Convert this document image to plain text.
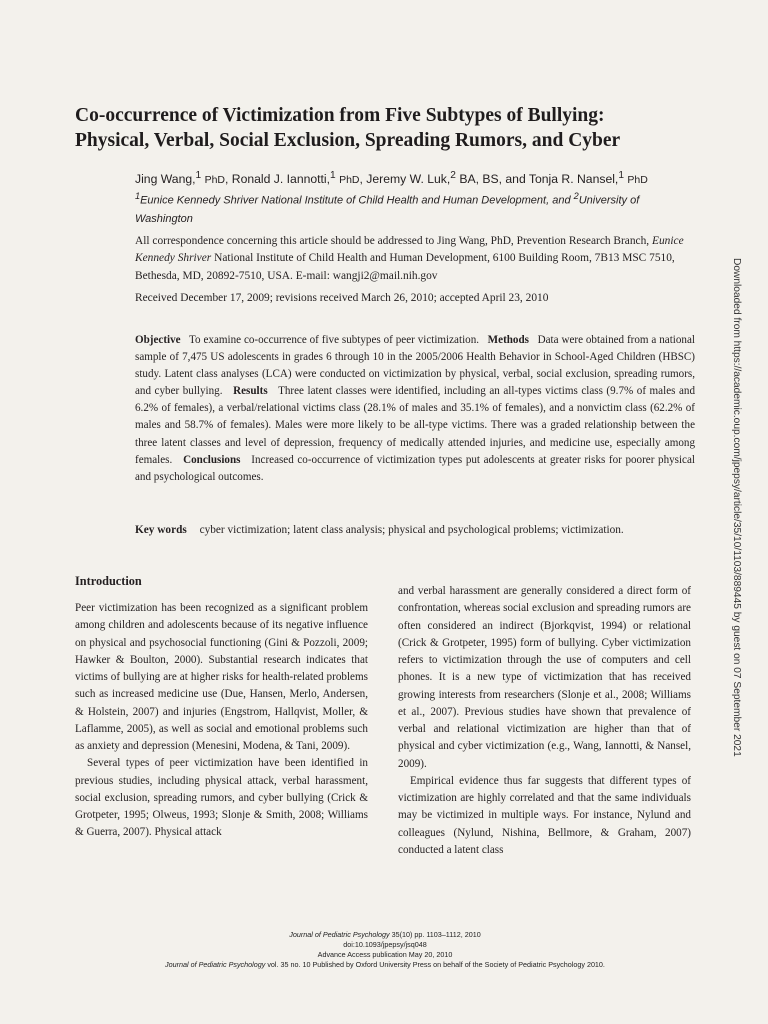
Co-occurrence of Victimization from Five Subtypes of Bullying:
Physical, Verbal, Social Exclusion, Spreading Rumors, and Cyber
Jing Wang,$^1$ PhD, Ronald J. Iannotti,$^1$ PhD, Jeremy W. Luk,$^2$ BA, BS, and Tonja R. Nansel,$^1$ PhD
$^1$Eunice Kennedy Shriver National Institute of Child Health and Human Development, and $^2$University of Washington
All correspondence concerning this article should be addressed to Jing Wang, PhD, Prevention Research Branch, Eunice Kennedy Shriver National Institute of Child Health and Human Development, 6100 Building Room, 7B13 MSC 7510, Bethesda, MD, 20892-7510, USA. E-mail: wangji2@mail.nih.gov
Received December 17, 2009; revisions received March 26, 2010; accepted April 23, 2010
Objective To examine co-occurrence of five subtypes of peer victimization. Methods Data were obtained from a national sample of 7,475 US adolescents in grades 6 through 10 in the 2005/2006 Health Behavior in School-Aged Children (HBSC) study. Latent class analyses (LCA) were conducted on victimization by physical, verbal, social exclusion, spreading rumors, and cyber bullying. Results Three latent classes were identified, including an all-types victims class (9.7% of males and 6.2% of females), a verbal/relational victims class (28.1% of males and 35.1% of females), and a nonvictim class (62.2% of males and 58.7% of females). Males were more likely to be all-type victims. There was a graded relationship between the three latent classes and level of depression, frequency of medically attended injuries, and medicine use, especially among females. Conclusions Increased co-occurrence of victimization types put adolescents at greater risks for poorer physical and psychological outcomes.
Key words cyber victimization; latent class analysis; physical and psychological problems; victimization.
Introduction

Peer victimization has been recognized as a significant problem among children and adolescents because of its negative influence on physical and psychosocial functioning (Gini & Pozzoli, 2009; Hawker & Boulton, 2000). Substantial research indicates that victims of bullying are at higher risks for health-related problems such as increased medicine use (Due, Hansen, Merlo, Andersen, & Holstein, 2007) and injuries (Engstrom, Hallqvist, Moller, & Laflamme, 2005), as well as social and emotional problems such as anxiety and depression (Menesini, Modena, & Tani, 2009).

Several types of peer victimization have been identified in previous studies, including physical attack, verbal harassment, social exclusion, spreading rumors, and cyber bullying (Crick & Grotpeter, 1995; Olweus, 1993; Slonje & Smith, 2008; Williams & Guerra, 2007). Physical attack

and verbal harassment are generally considered a direct form of confrontation, whereas social exclusion and spreading rumors are often considered an indirect (Bjorkqvist, 1994) or relational (Crick & Grotpeter, 1995) form of bullying. Cyber victimization refers to victimization through the use of computers and cell phones. It is a new type of victimization that has received growing interests from researchers (Slonje et al., 2008; Williams et al., 2007). Previous studies have shown that prevalence of verbal and relational victimization are higher than that of physical and cyber victimization (e.g., Wang, Iannotti, & Nansel, 2009).

Empirical evidence thus far suggests that different types of victimization are highly correlated and that the same individuals may be victimized in multiple ways. For instance, Nylund and colleagues (Nylund, Nishina, Bellmore, & Graham, 2007) conducted a latent class

Journal of Pediatric Psychology 35(10) pp. 1103–1112, 2010
doi:10.1093/jpepsy/jsq048
Advance Access publication May 20, 2010
Journal of Pediatric Psychology vol. 35 no. 10 Published by Oxford University Press on behalf of the Society of Pediatric Psychology 2010.
Downloaded from https://academic.oup.com/jpepsy/article/35/10/1103/889445 by guest on 07 September 2021
